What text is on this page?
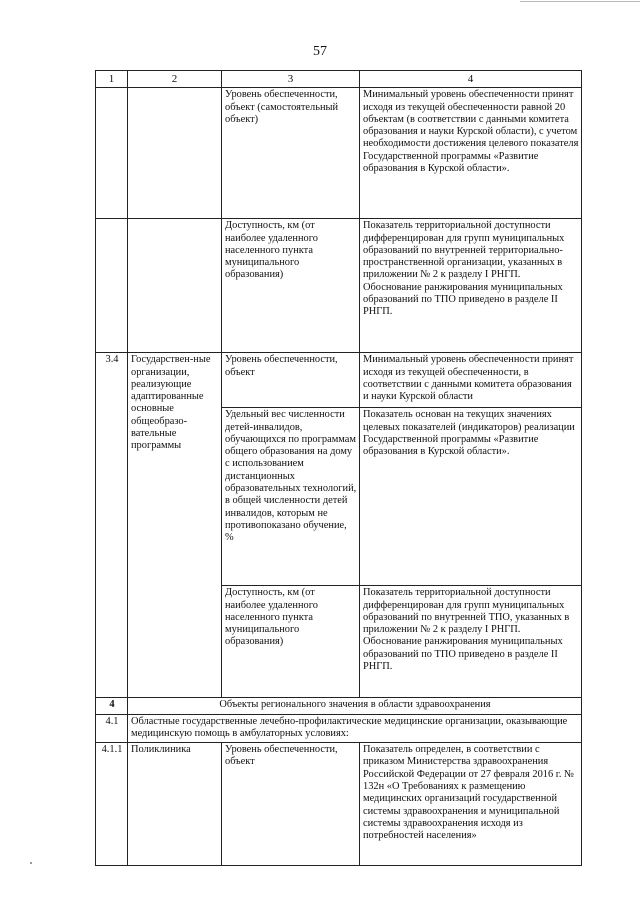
57
1	2	3	4
		Уровень обеспеченности, объект (самостоятельный объект)	Минимальный уровень обеспеченности принят исходя из текущей обеспеченности равной 20 объектам (в соответствии с данными комитета образования и науки Курской области), с учетом необходимости достижения целевого показателя Государственной программы «Развитие образования в Курской области».
		Доступность, км (от наиболее удаленного населенного пункта муниципального образования)	Показатель территориальной доступности дифференцирован для групп муниципальных образований по внутренней территориально-пространственной организации, указанных в приложении № 2 к разделу I РНГП. Обоснование ранжирования муниципальных образований по ТПО приведено в разделе II РНГП.
3.4	Государствен-ные организации, реализующие адаптированные основные общеобразо-вательные программы	Уровень обеспеченности, объект	Минимальный уровень обеспеченности принят исходя из текущей обеспеченности, в соответствии с данными комитета образования и науки Курской области
		Удельный вес численности детей-инвалидов, обучающихся по программам общего образования на дому с использованием дистанционных образовательных технологий, в общей численности детей инвалидов, которым не противопоказано обучение, %	Показатель основан на текущих значениях целевых показателей (индикаторов) реализации Государственной программы «Развитие образования в Курской области».
		Доступность, км (от наиболее удаленного населенного пункта муниципального образования)	Показатель территориальной доступности дифференцирован для групп муниципальных образований по внутренней ТПО, указанных в приложении № 2 к разделу I РНГП. Обоснование ранжирования муниципальных образований по ТПО приведено в разделе II РНГП.
4	Объекты регионального значения в области здравоохранения		
4.1	Областные государственные лечебно-профилактические медицинские организации, оказывающие медицинскую помощь в амбулаторных условиях:		
4.1.1	Поликлиника	Уровень обеспеченности, объект	Показатель определен, в соответствии с приказом Министерства здравоохранения Российской Федерации от 27 февраля 2016 г. № 132н «О Требованиях к размещению медицинских организаций государственной системы здравоохранения и муниципальной системы здравоохранения исходя из потребностей населения»
